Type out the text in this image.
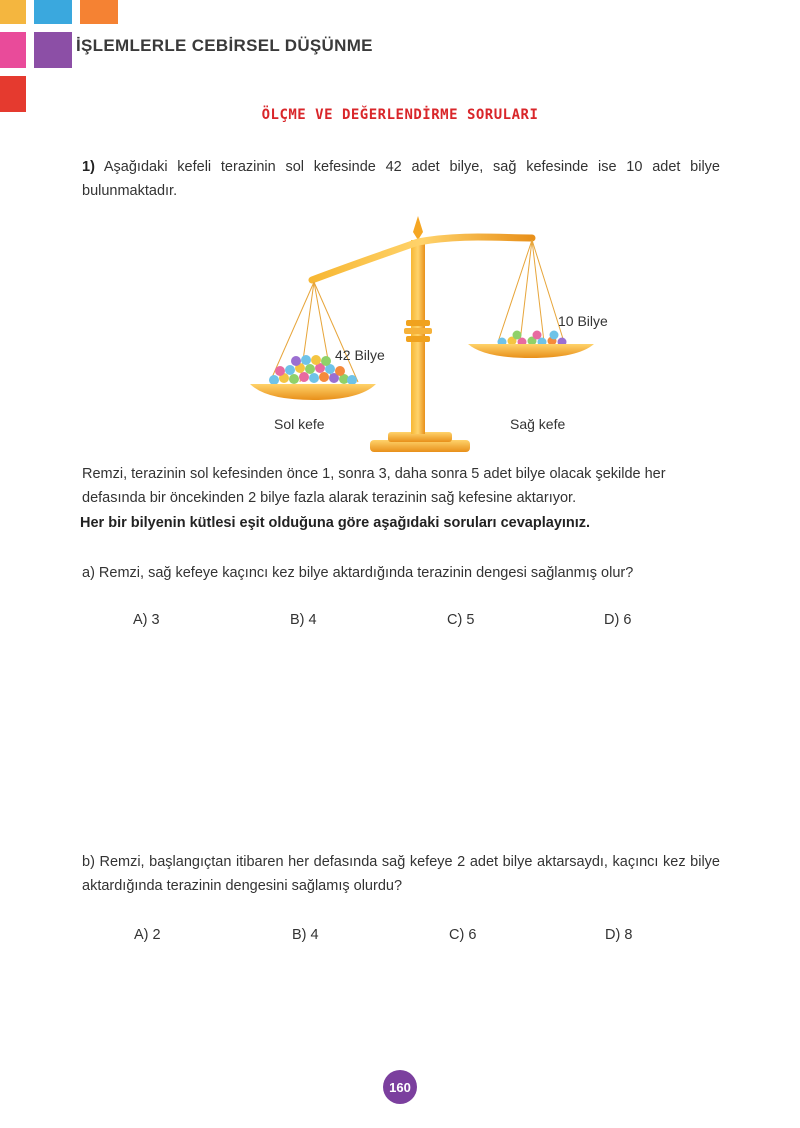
İŞLEMLERLE CEBİRSEL DÜŞÜNME
ÖLÇME VE DEĞERLENDİRME SORULARI
1) Aşağıdaki kefeli terazinin sol kefesinde 42 adet bilye, sağ kefesinde ise 10 adet bilye bulunmaktadır.
42 Bilye
10 Bilye
Sol kefe	Sağ kefe
Remzi, terazinin sol kefesinden önce 1, sonra 3, daha sonra 5 adet bilye olacak şekilde her defasında bir öncekinden 2 bilye fazla alarak terazinin sağ kefesine aktarıyor.
Her bir bilyenin kütlesi eşit olduğuna göre aşağıdaki soruları cevaplayınız.
a) Remzi, sağ kefeye kaçıncı kez bilye aktardığında terazinin dengesi sağlanmış olur?
A) 3	B) 4	C) 5	D) 6
b) Remzi, başlangıçtan itibaren her defasında sağ kefeye 2 adet bilye aktarsaydı, kaçıncı kez bilye aktardığında terazinin dengesini sağlamış olurdu?
A) 2	B) 4	C) 6	D) 8
160
